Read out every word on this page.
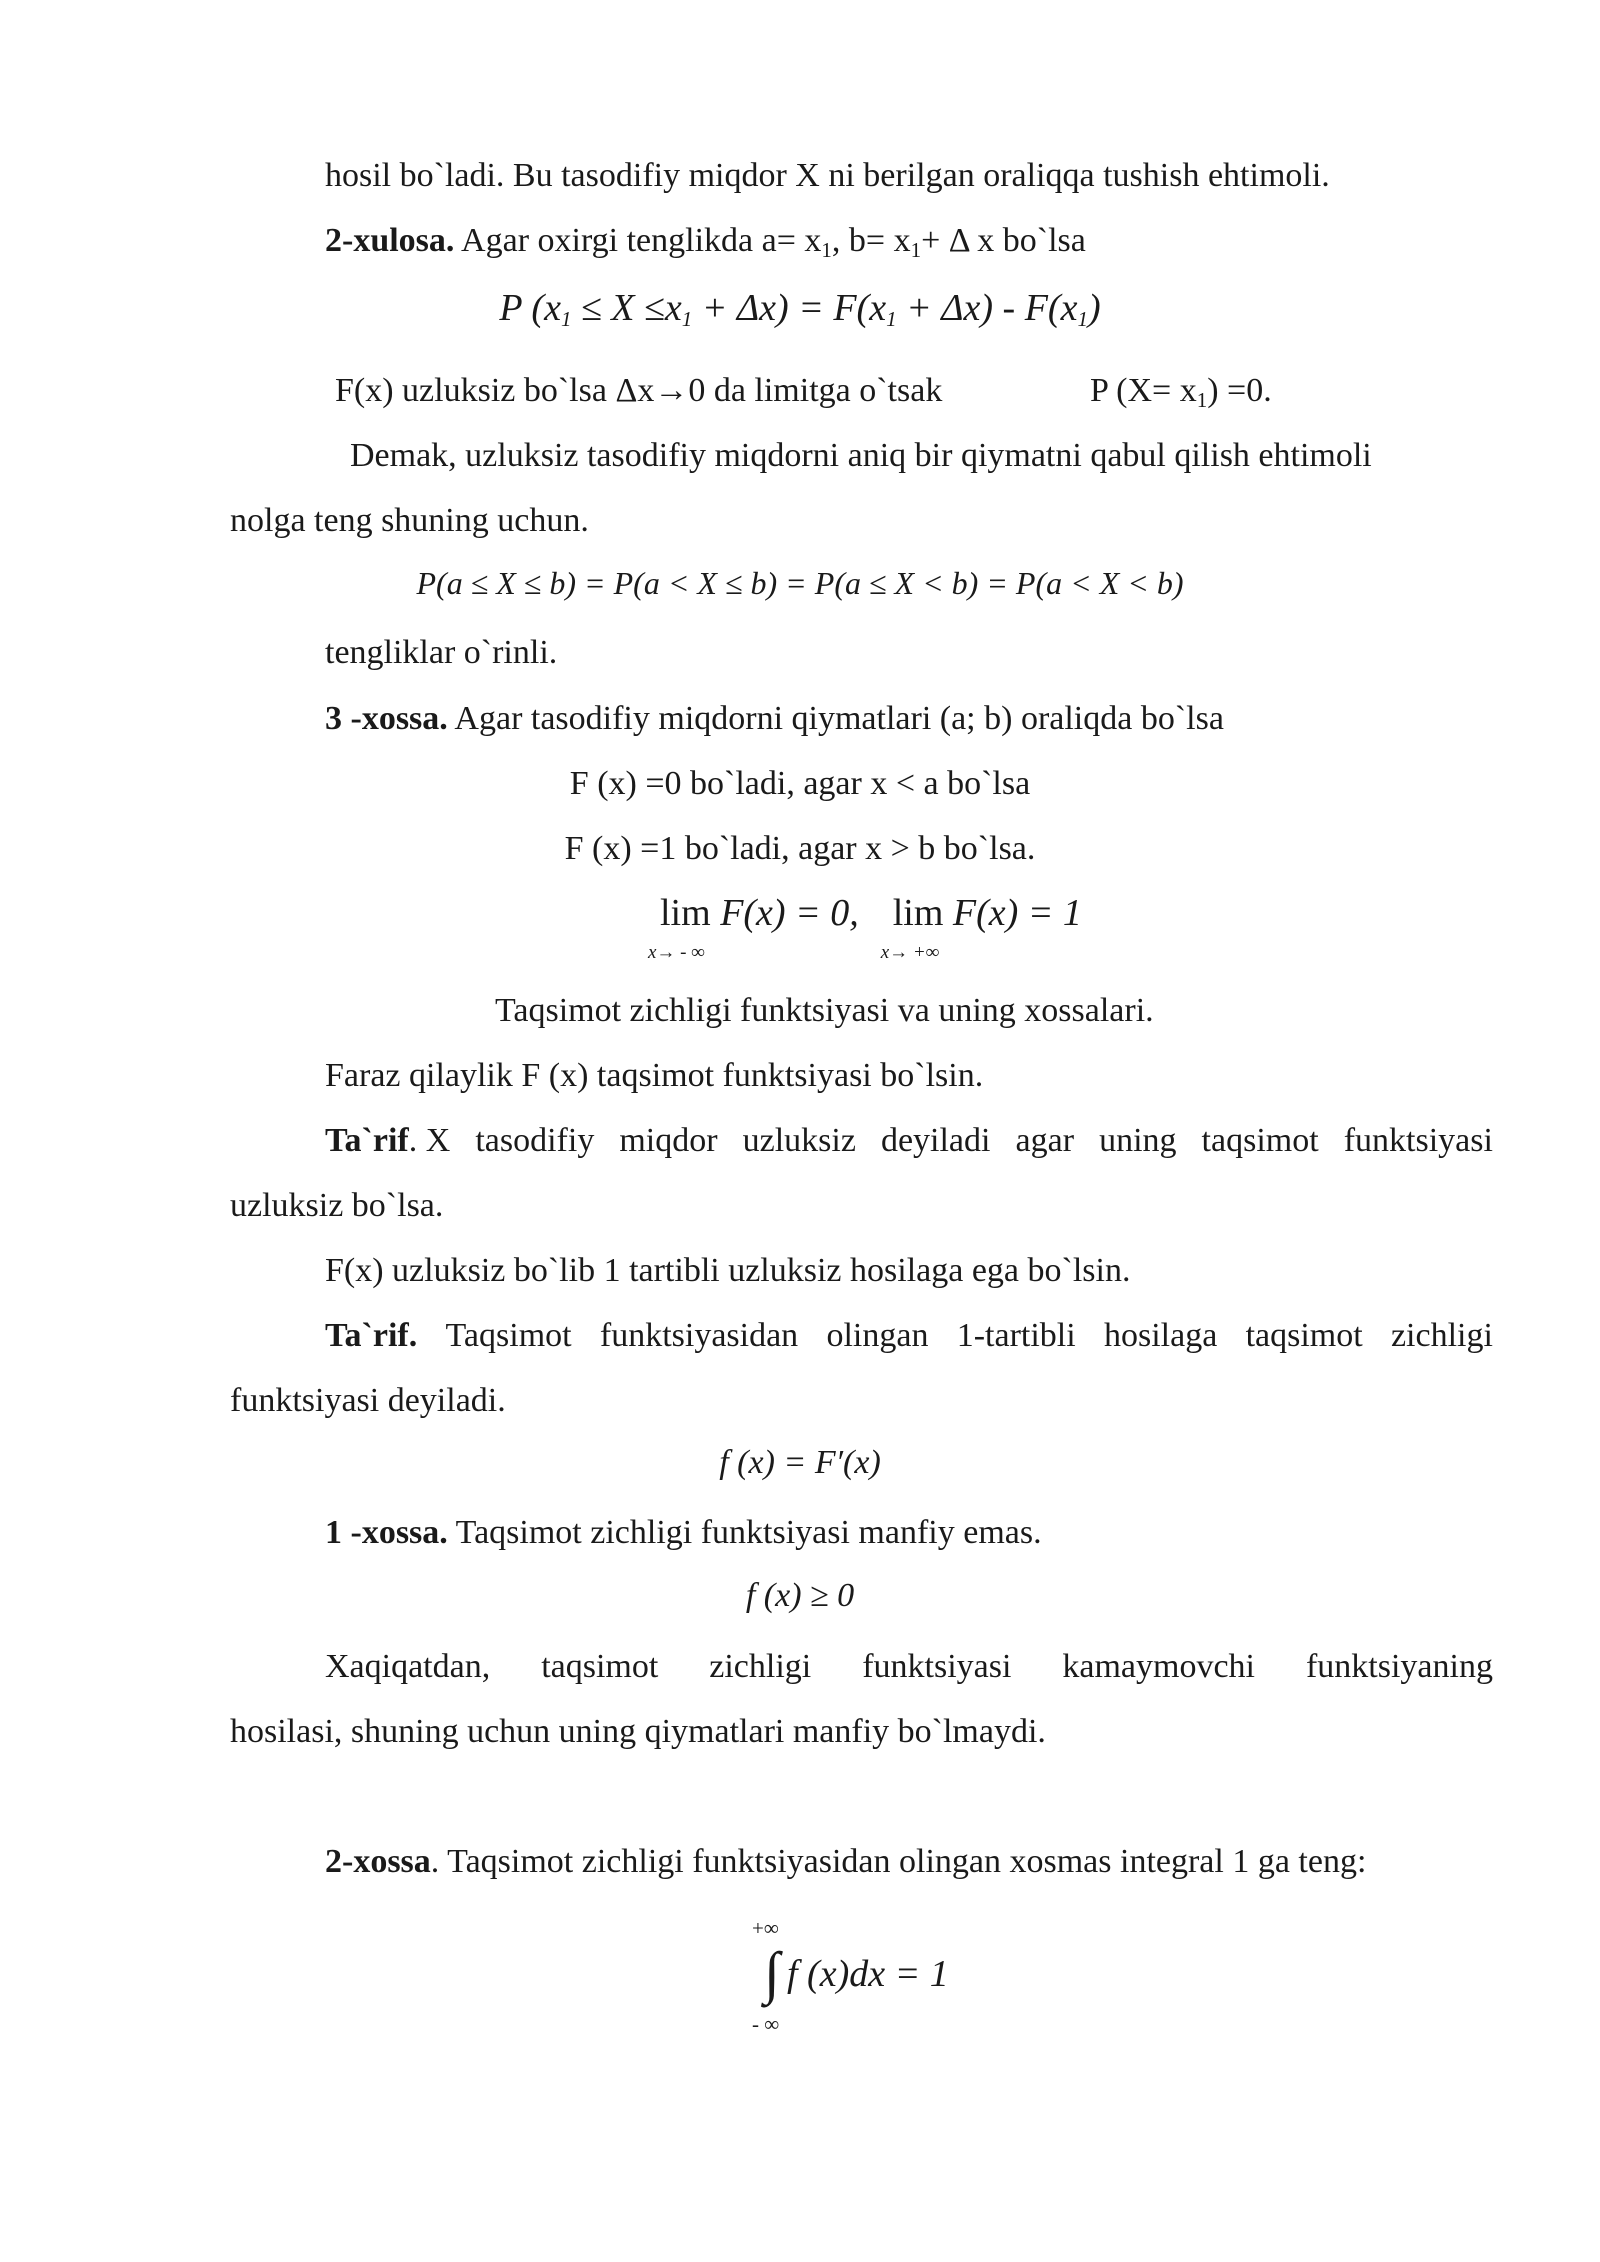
hosil bo`ladi. Bu tasodifiy miqdor X ni berilgan oraliqqa tushish ehtimoli.
2-xulosa. Agar oxirgi tenglikda $a= x_1$, $b= x_1+ \Delta$ x bo`lsa
P $(x_1 \le X \le x_1 + \Delta x) = F(x_1 + \Delta x) - F(x_1)$
F(x) uzluksiz bo`lsa Δx→0 da limitga o`tsak	P $(X= x_1) =0$.
Demak, uzluksiz tasodifiy miqdorni aniq bir qiymatni qabul qilish ehtimoli
nolga teng shuning uchun.
P(a ≤ X ≤ b) = P(a < X ≤ b) = P(a ≤ X < b) = P(a < X < b)
tengliklar o`rinli.
3 -xossa. Agar tasodifiy miqdorni qiymatlari (a; b) oraliqda bo`lsa
F (x) =0 bo`ladi, agar x < a bo`lsa
F (x) =1 bo`ladi, agar x > b bo`lsa.
lim
x→ - ∞
F(x) = 0, lim
x→ +∞
F(x) = 1
Taqsimot zichligi funktsiyasi va uning xossalari.
Faraz qilaylik F (x) taqsimot funktsiyasi bo`lsin.
Ta`rif. X tasodifiy miqdor uzluksiz deyiladi agar uning taqsimot funktsiyasi
uzluksiz bo`lsa.
F(x) uzluksiz bo`lib 1 tartibli uzluksiz hosilaga ega bo`lsin.
Ta`rif. Taqsimot funktsiyasidan olingan 1-tartibli hosilaga taqsimot zichligi
funktsiyasi deyiladi.
f (x) = F′(x)
1 -xossa. Taqsimot zichligi funktsiyasi manfiy emas.
f (x) ≥ 0
Xaqiqatdan, taqsimot zichligi funktsiyasi kamaymovchi funktsiyaning
hosilasi, shuning uchun uning qiymatlari manfiy bo`lmaydi.
2-xossa. Taqsimot zichligi funktsiyasidan olingan xosmas integral 1 ga teng:
+∞
∫ f (x)dx = 1
- ∞
